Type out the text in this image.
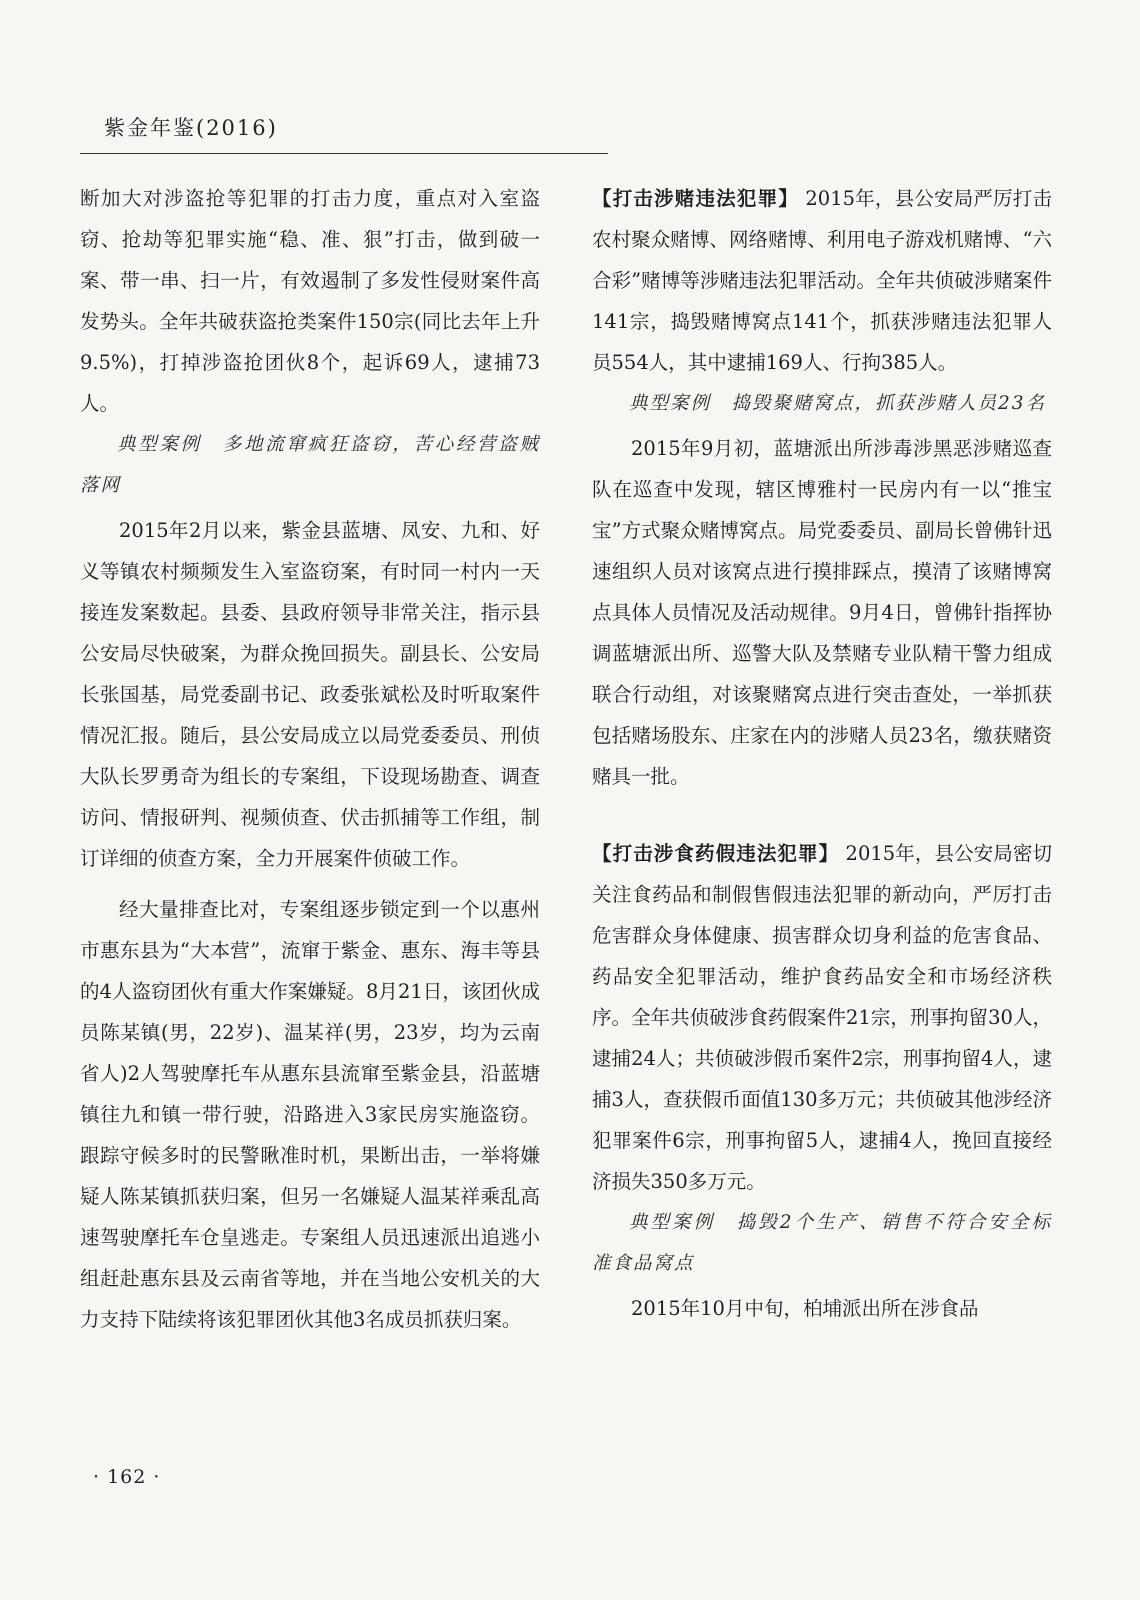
紫金年鉴(2016)

断加大对涉盗抢等犯罪的打击力度，重点对入室盗窃、抢劫等犯罪实施“稳、准、狠”打击，做到破一案、带一串、扫一片，有效遏制了多发性侵财案件高发势头。全年共破获盗抢类案件150宗(同比去年上升9.5%)，打掉涉盗抢团伙8个，起诉69人，逮捕73人。

典型案例　多地流窜疯狂盗窃，苦心经营盗贼落网

2015年2月以来，紫金县蓝塘、凤安、九和、好义等镇农村频频发生入室盗窃案，有时同一村内一天接连发案数起。县委、县政府领导非常关注，指示县公安局尽快破案，为群众挽回损失。副县长、公安局长张国基，局党委副书记、政委张斌松及时听取案件情况汇报。随后，县公安局成立以局党委委员、刑侦大队长罗勇奇为组长的专案组，下设现场勘查、调查访问、情报研判、视频侦查、伏击抓捕等工作组，制订详细的侦查方案，全力开展案件侦破工作。

经大量排查比对，专案组逐步锁定到一个以惠州市惠东县为“大本营”，流窜于紫金、惠东、海丰等县的4人盗窃团伙有重大作案嫌疑。8月21日，该团伙成员陈某镇(男，22岁)、温某祥(男，23岁，均为云南省人)2人驾驶摩托车从惠东县流窜至紫金县，沿蓝塘镇往九和镇一带行驶，沿路进入3家民房实施盗窃。跟踪守候多时的民警瞅准时机，果断出击，一举将嫌疑人陈某镇抓获归案，但另一名嫌疑人温某祥乘乱高速驾驶摩托车仓皇逃走。专案组人员迅速派出追逃小组赶赴惠东县及云南省等地，并在当地公安机关的大力支持下陆续将该犯罪团伙其他3名成员抓获归案。

【打击涉赌违法犯罪】 2015年，县公安局严厉打击农村聚众赌博、网络赌博、利用电子游戏机赌博、“六合彩”赌博等涉赌违法犯罪活动。全年共侦破涉赌案件141宗，捣毁赌博窝点141个，抓获涉赌违法犯罪人员554人，其中逮捕169人、行拘385人。

典型案例　捣毁聚赌窝点，抓获涉赌人员23名

2015年9月初，蓝塘派出所涉毒涉黑恶涉赌巡查队在巡查中发现，辖区博雅村一民房内有一以“推宝宝”方式聚众赌博窝点。局党委委员、副局长曾佛针迅速组织人员对该窝点进行摸排踩点，摸清了该赌博窝点具体人员情况及活动规律。9月4日，曾佛针指挥协调蓝塘派出所、巡警大队及禁赌专业队精干警力组成联合行动组，对该聚赌窝点进行突击查处，一举抓获包括赌场股东、庄家在内的涉赌人员23名，缴获赌资赌具一批。

【打击涉食药假违法犯罪】 2015年，县公安局密切关注食药品和制假售假违法犯罪的新动向，严厉打击危害群众身体健康、损害群众切身利益的危害食品、药品安全犯罪活动，维护食药品安全和市场经济秩序。全年共侦破涉食药假案件21宗，刑事拘留30人，逮捕24人；共侦破涉假币案件2宗，刑事拘留4人，逮捕3人，查获假币面值130多万元；共侦破其他涉经济犯罪案件6宗，刑事拘留5人，逮捕4人，挽回直接经济损失350多万元。

典型案例　捣毁2个生产、销售不符合安全标准食品窝点

2015年10月中旬，柏埔派出所在涉食品

· 162 ·
